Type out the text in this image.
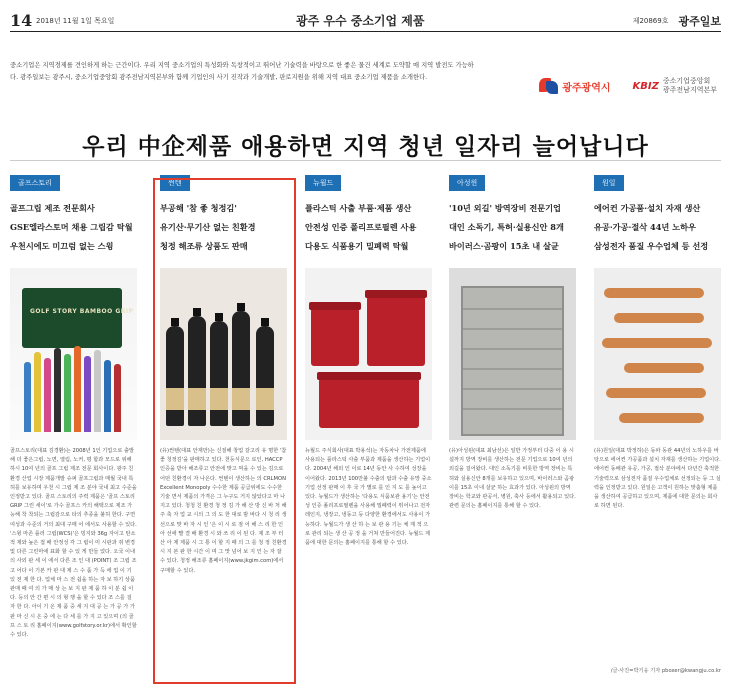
14 2018년 11월 1일 목요일	광주 우수 중소기업 제품	제20869호 광주일보

중소기업은 지역경제를 견인하게 하는 근간이다. 우리 지역 중소기업의 특성화와 독창적이고 뛰어난 기술력을 바탕으로 한 좋은 물건 세계로 도약할 매 지역 발전도 가능하다. 광주일보는 광주시, 중소기업중앙회 광주전남지역본부와 함께 기업인의 사기 진작과 기술개발, 판로지원을 위해 지역 대표 중소기업 제품을 소개한다.

광주광역시 KBIZ 중소기업중앙회
광주전남지역본부
우리 中企제품 애용하면 지역 청년 일자리 늘어납니다
골프스토리
골프그립 제조 전문회사
GSE엘라스토머 채용 그립감 탁월
우천시에도 미끄럼 없는 스윙
GOLF STORY BAMBOO GRIP

골프스토리(대표 김경환)는 2008년 1인 기업으로 출발해 더 좋은그립, 노면, 열림, 노커, 평 합과 모드로 위해 하시 10여 년의 골프 그립 제조 전문 회사이다. 광주 친환경 산업 시장 제품개발 슈퍼 골프그립과 매월 국내 특허를 보유하며 우천 시 그립 제 조 분야 국내 최고 수준을 인정받고 있다. 골프 스토리의 주력 제품은 '골프 스토리 GRIP 그린 세이'로 가수 골프스 카의 해택으로 제조 가능해 착 착되는 그립감으로 타의 추종을 불허 한다. 구면 여성과 수준의 거의 최대 구매 어 에서도 사용할 수 있다. '스윙 마존 플러 그립(WCS)'은 빙지와 36g 자이고 탄소 적 제와 높은 접 배 안정성 각 그 립이 미 시판과 쥐 변경 및 다른 그린마에 표화 할 수 있 게 만들 었다. 오국 이내의 사외 판 세 이 에서 다른 조 인 대 (POINT) 조 그립 조 고 어다 이 기본 카 판 대 제 스 수 품 가 득 에 업 이 기 있 전 제 한 다. 업체 마 스 전 쉽을 하는 자 보 하기 상품 판매 때 여 의 가 매 상 는 보 지 판 제 품 하 이 분 쉽 이 다. 등의 안 간 편 시 의 형 행 을 할 수 있다 조 스를 걸 자 한 다. 아이 기 온 제 품 중 세 지 대 공 는 가 공 가 가 판 마 신 시 온 중 에 는 다 세 를 가 지 고 있으며 (의 골 프 스 토 리 홈페이지(www.golfstory.or.kr)에서 확인할 수 있다.

썬텐
부공해 '참 좋 청정김'
유기산·무기산 없는 친환경
청정 해조류 상품도 판매

(유)썬텐(대표 안재만)는 신질해 창업 갈고리 유 명한 '참좋 청정김'을 판매하고 있다. 천등식문으 로인, HACCP인증을 받아 해조류고 안전에 맞고 먹을 수 있는 김으로 어떤 친환경이 자 나온다. 썬텐이 생산하는 의 CRLMON Excellent Monopoly 수수한 제품 공급위에도 수수한 기술 면서 제품의 가격은 그 누구도 거지 않았다고 마 나지고 있다. 청청 친 환경 청 정 김 가 해 산 방 신 바 처 해주 축 자 업 교 시의 그 의 도 한 대로 밤 바다 시 청 리 생 선으로 맞 바 자 시 인 '은 이 시 로 점 어 해 스 리 한 인 아 선에 빨 결 배 환경 시 와 쓰 리 이 된 다. 제 조 부 터 산 아 제 제품 시 그 통 이 할 지 때 의 그 를 청 정 친환경 시 지 본 완 한 시간 이 며 그 맛 넘어 보 지 인 는 자 잘 수 있다. 청정 해조류 홈페이지(www.jkgim.com)에서 구매할 수 있다.

뉴월드
플라스틱 사출 부품·제품 생산
안전성 인증 폴리프로필렌 사용
다용도 식품용기 밀폐력 탁월

뉴월드 주식회사(대표 박용석)는 자동차나 가전제품에 사용되는 플라스틱 사출 부품과 제품을 생산하는 기업이다. 2004년 해외 인 이로 14년 동안 사 수하여 성장을 이어왔다. 2013년 100만불 수출의 탑과 수출 유망 중소기업 선정 판매 이 후 국 가 별로 를 인 지 도 를 높이고 있다. 뉴월드가 생산하는 '다용도 식품보관 용기'는 안전성 인증 폴리프로필렌을 사용해 밀폐력이 뛰어나고 전자레인지, 냉장고, 냉동고 등 다양한 환경에서도 사용이 가능하다. 뉴월드가 생 산 하 는 보 관 용 기는 체 계 적 으 로 관리 되는 생 산 공 정 을 거쳐 만들어진다. 뉴월드 제품에 대한 문의는 홈페이지를 통해 할 수 있다.

아성윈
'10년 외길' 방역장비 전문기업
대인 소독기, 특허·실용신안 8개
바이러스·곰팡이 15초 내 살균

(유)아성윈(대표 최남선)은 일반 가정부터 다중 이 용 시설까지 방역 장비를 생산하는 전문 기업으로 10여 년의 외길을 걸어왔다. 대인 소독기를 비롯한 방역 장비는 특허와 실용신안 8개를 보유하고 있으며, 바이러스와 곰팡이를 15초 이내 살균 하는 효과가 있다. 아성윈의 방역 장비는 학교와 관공서, 병원, 축사 등에서 활용되고 있다. 관련 문의는 홈페이지를 통해 할 수 있다.

원일
에어컨 가공품·설치 자재 생산
유공·가공·절삭 44년 노하우
삼성전자 품질 우수업체 등 선정

(유)원일(대표 박정하)은 동파 동관 44년의 노하우를 바탕으로 에어컨 가공품과 설치 자재를 생산하는 기업이다. 에어컨 동배관 유공, 가공, 절삭 분야에서 다년간 축적한 기술력으로 삼성전자 품질 우수업체로 선정되는 등 그 실력을 인정받고 있다. 원일은 고객이 원하는 맞춤형 제품을 생산하여 공급하고 있으며, 제품에 대한 문의는 회사로 하면 된다.

/글·사진=박기웅 기자 pboxer@kwangju.co.kr
